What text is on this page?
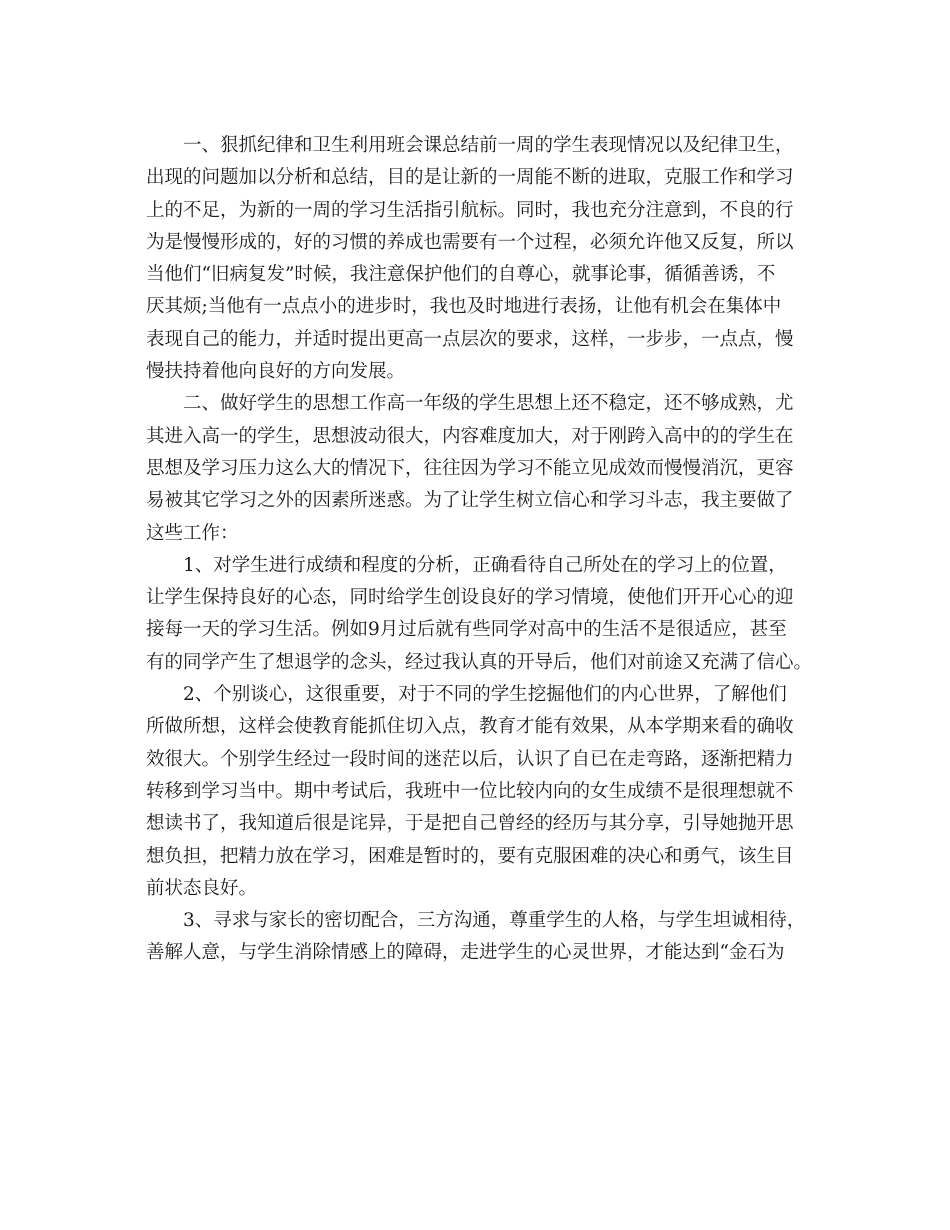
一、狠抓纪律和卫生利用班会课总结前一周的学生表现情况以及纪律卫生，
出现的问题加以分析和总结，目的是让新的一周能不断的进取，克服工作和学习
上的不足，为新的一周的学习生活指引航标。同时，我也充分注意到，不良的行
为是慢慢形成的，好的习惯的养成也需要有一个过程，必须允许他又反复，所以
当他们“旧病复发”时候，我注意保护他们的自尊心，就事论事，循循善诱，不
厌其烦;当他有一点点小的进步时，我也及时地进行表扬，让他有机会在集体中
表现自己的能力，并适时提出更高一点层次的要求，这样，一步步，一点点，慢
慢扶持着他向良好的方向发展。
二、做好学生的思想工作高一年级的学生思想上还不稳定，还不够成熟，尤
其进入高一的学生，思想波动很大，内容难度加大，对于刚跨入高中的的学生在
思想及学习压力这么大的情况下，往往因为学习不能立见成效而慢慢消沉，更容
易被其它学习之外的因素所迷惑。为了让学生树立信心和学习斗志，我主要做了
这些工作：
1、对学生进行成绩和程度的分析，正确看待自己所处在的学习上的位置，
让学生保持良好的心态，同时给学生创设良好的学习情境，使他们开开心心的迎
接每一天的学习生活。例如9月过后就有些同学对高中的生活不是很适应，甚至
有的同学产生了想退学的念头，经过我认真的开导后，他们对前途又充满了信心。
2、个别谈心，这很重要，对于不同的学生挖掘他们的内心世界，了解他们
所做所想，这样会使教育能抓住切入点，教育才能有效果，从本学期来看的确收
效很大。个别学生经过一段时间的迷茫以后，认识了自已在走弯路，逐渐把精力
转移到学习当中。期中考试后，我班中一位比较内向的女生成绩不是很理想就不
想读书了，我知道后很是诧异，于是把自己曾经的经历与其分享，引导她抛开思
想负担，把精力放在学习，困难是暂时的，要有克服困难的决心和勇气，该生目
前状态良好。
3、寻求与家长的密切配合，三方沟通，尊重学生的人格，与学生坦诚相待，
善解人意，与学生消除情感上的障碍，走进学生的心灵世界，才能达到“金石为
